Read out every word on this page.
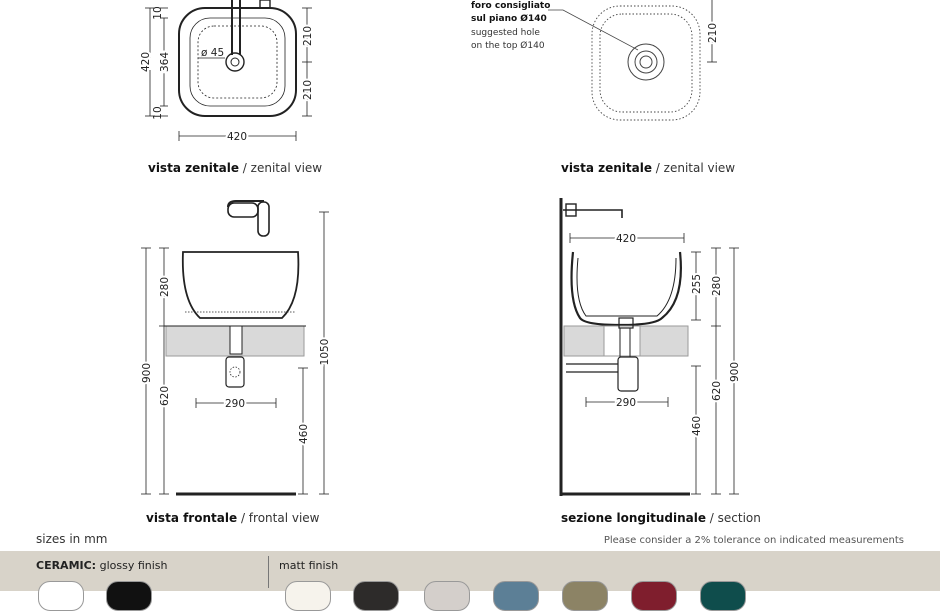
10
10
420 364
210
210
ø 45
420
foro consigliato
sul piano Ø140
suggested hole
on the top Ø140
210
280
900
620
1050
460
290
420
255 280
900
620
460
290
vista zenitale / zenital view	vista zenitale / zenital view
vista frontale / frontal view	sezione longitudinale / section
sizes in mm	Please consider a 2% tolerance on indicated measurements
CERAMIC: glossy finish	matt finish
